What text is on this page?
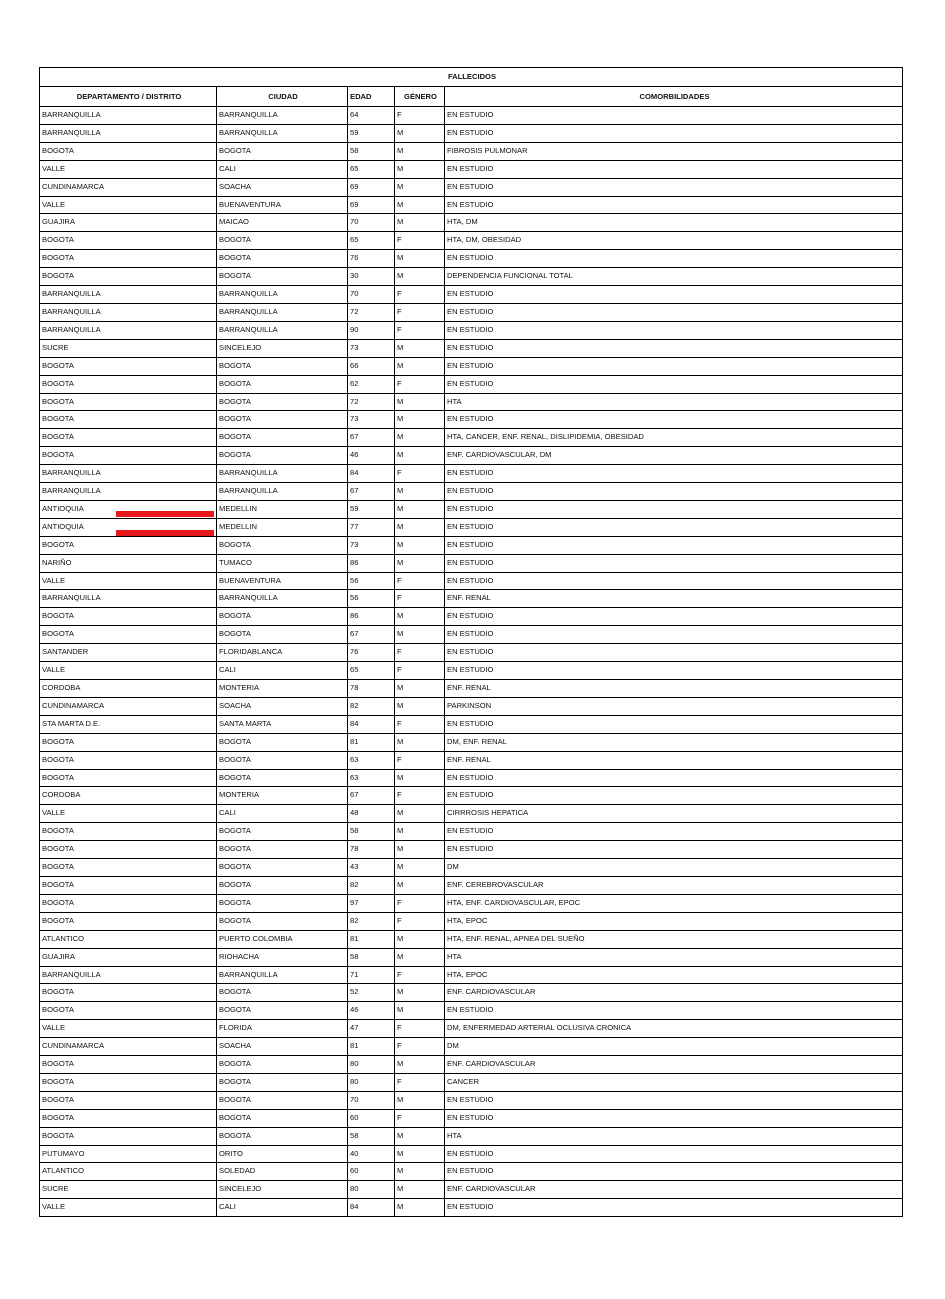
FALLECIDOS				
DEPARTAMENTO / DISTRITO	CIUDAD	EDAD	GÉNERO	COMORBILIDADES
BARRANQUILLA	BARRANQUILLA	64	F	EN ESTUDIO
BARRANQUILLA	BARRANQUILLA	59	M	EN ESTUDIO
BOGOTA	BOGOTA	58	M	FIBROSIS PULMONAR
VALLE	CALI	65	M	EN ESTUDIO
CUNDINAMARCA	SOACHA	69	M	EN ESTUDIO
VALLE	BUENAVENTURA	69	M	EN ESTUDIO
GUAJIRA	MAICAO	70	M	HTA, DM
BOGOTA	BOGOTA	65	F	HTA, DM, OBESIDAD
BOGOTA	BOGOTA	76	M	EN ESTUDIO
BOGOTA	BOGOTA	30	M	DEPENDENCIA FUNCIONAL TOTAL
BARRANQUILLA	BARRANQUILLA	70	F	EN ESTUDIO
BARRANQUILLA	BARRANQUILLA	72	F	EN ESTUDIO
BARRANQUILLA	BARRANQUILLA	90	F	EN ESTUDIO
SUCRE	SINCELEJO	73	M	EN ESTUDIO
BOGOTA	BOGOTA	66	M	EN ESTUDIO
BOGOTA	BOGOTA	62	F	EN ESTUDIO
BOGOTA	BOGOTA	72	M	HTA
BOGOTA	BOGOTA	73	M	EN ESTUDIO
BOGOTA	BOGOTA	67	M	HTA, CANCER, ENF. RENAL, DISLIPIDEMIA, OBESIDAD
BOGOTA	BOGOTA	46	M	ENF. CARDIOVASCULAR, DM
BARRANQUILLA	BARRANQUILLA	84	F	EN ESTUDIO
BARRANQUILLA	BARRANQUILLA	67	M	EN ESTUDIO
ANTIOQUIA	MEDELLIN	59	M	EN ESTUDIO
ANTIOQUIA	MEDELLIN	77	M	EN ESTUDIO
BOGOTA	BOGOTA	73	M	EN ESTUDIO
NARIÑO	TUMACO	86	M	EN ESTUDIO
VALLE	BUENAVENTURA	56	F	EN ESTUDIO
BARRANQUILLA	BARRANQUILLA	56	F	ENF. RENAL
BOGOTA	BOGOTA	86	M	EN ESTUDIO
BOGOTA	BOGOTA	67	M	EN ESTUDIO
SANTANDER	FLORIDABLANCA	76	F	EN ESTUDIO
VALLE	CALI	65	F	EN ESTUDIO
CORDOBA	MONTERIA	78	M	ENF. RENAL
CUNDINAMARCA	SOACHA	82	M	PARKINSON
STA MARTA D.E.	SANTA MARTA	84	F	EN ESTUDIO
BOGOTA	BOGOTA	81	M	DM, ENF. RENAL
BOGOTA	BOGOTA	63	F	ENF. RENAL
BOGOTA	BOGOTA	63	M	EN ESTUDIO
CORDOBA	MONTERIA	67	F	EN ESTUDIO
VALLE	CALI	48	M	CIRRROSIS HEPATICA
BOGOTA	BOGOTA	58	M	EN ESTUDIO
BOGOTA	BOGOTA	78	M	EN ESTUDIO
BOGOTA	BOGOTA	43	M	DM
BOGOTA	BOGOTA	82	M	ENF. CEREBROVASCULAR
BOGOTA	BOGOTA	97	F	HTA, ENF. CARDIOVASCULAR, EPOC
BOGOTA	BOGOTA	82	F	HTA, EPOC
ATLANTICO	PUERTO COLOMBIA	81	M	HTA, ENF. RENAL, APNEA DEL SUEÑO
GUAJIRA	RIOHACHA	58	M	HTA
BARRANQUILLA	BARRANQUILLA	71	F	HTA, EPOC
BOGOTA	BOGOTA	52	M	ENF. CARDIOVASCULAR
BOGOTA	BOGOTA	46	M	EN ESTUDIO
VALLE	FLORIDA	47	F	DM, ENFERMEDAD ARTERIAL OCLUSIVA CRONICA
CUNDINAMARCA	SOACHA	81	F	DM
BOGOTA	BOGOTA	80	M	ENF. CARDIOVASCULAR
BOGOTA	BOGOTA	80	F	CANCER
BOGOTA	BOGOTA	70	M	EN ESTUDIO
BOGOTA	BOGOTA	60	F	EN ESTUDIO
BOGOTA	BOGOTA	58	M	HTA
PUTUMAYO	ORITO	40	M	EN ESTUDIO
ATLANTICO	SOLEDAD	60	M	EN ESTUDIO
SUCRE	SINCELEJO	80	M	ENF. CARDIOVASCULAR
VALLE	CALI	84	M	EN ESTUDIO
